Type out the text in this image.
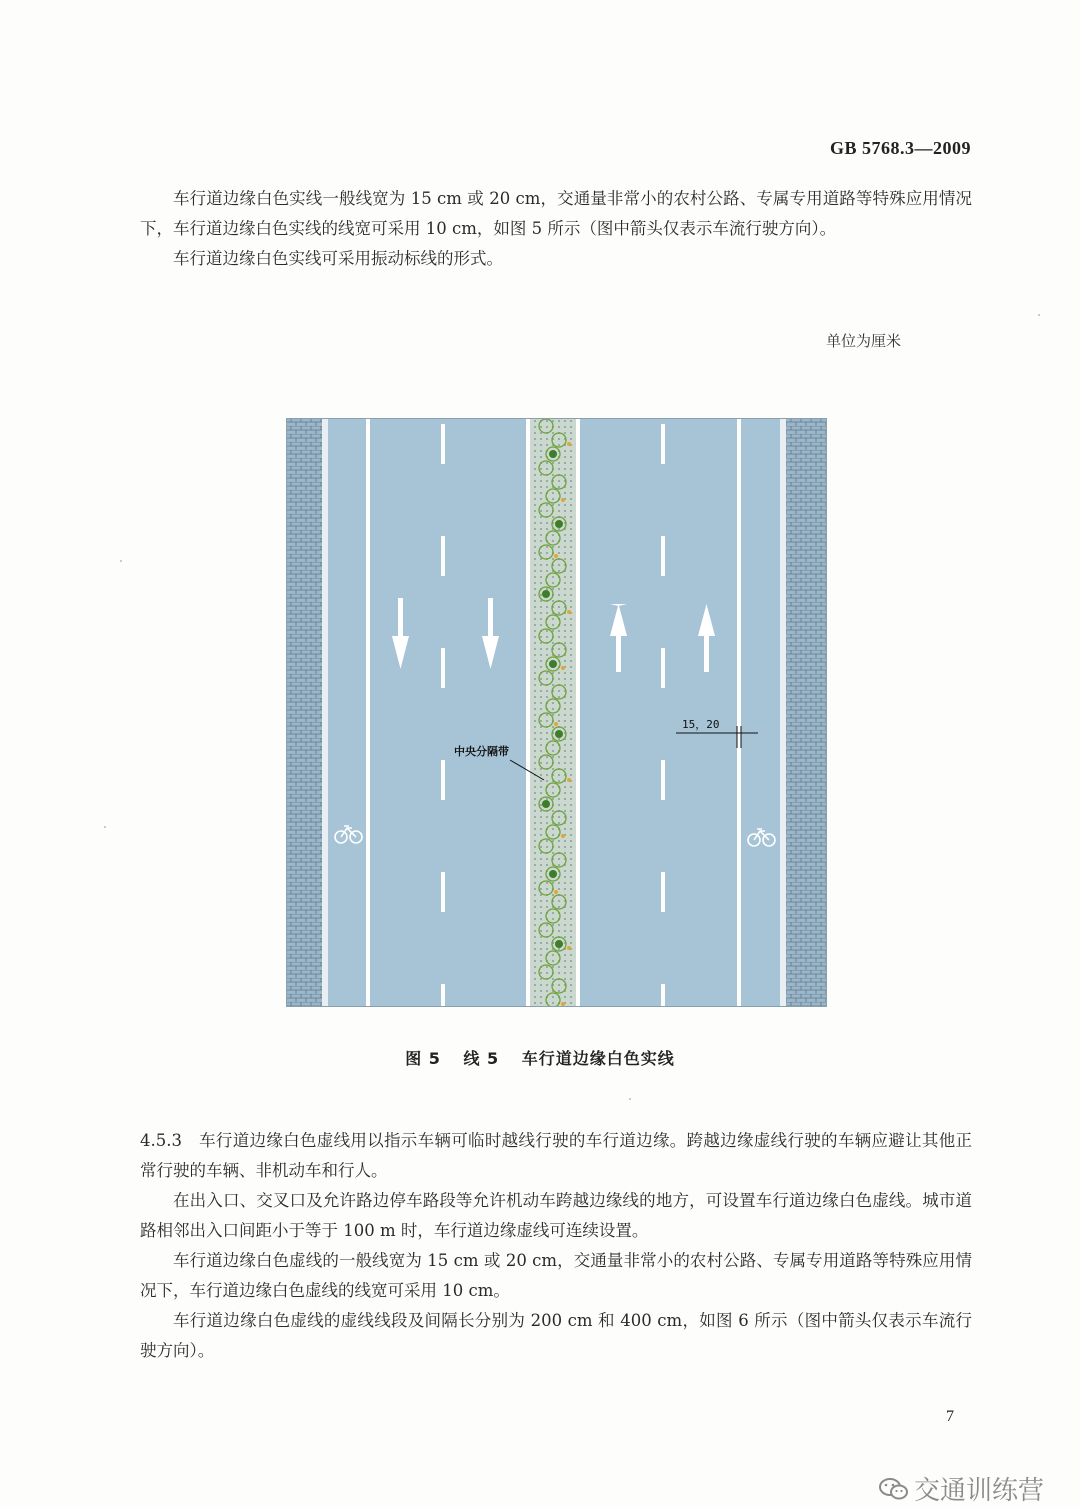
GB 5768.3—2009

车行道边缘白色实线一般线宽为 15 cm 或 20 cm，交通量非常小的农村公路、专属专用道路等特殊应用情况下，车行道边缘白色实线的线宽可采用 10 cm，如图 5 所示（图中箭头仅表示车流行驶方向）。

车行道边缘白色实线可采用振动标线的形式。

单位为厘米
15，20
中央分隔带
图 5 线 5 车行道边缘白色实线

4.5.3　车行道边缘白色虚线用以指示车辆可临时越线行驶的车行道边缘。跨越边缘虚线行驶的车辆应避让其他正常行驶的车辆、非机动车和行人。

在出入口、交叉口及允许路边停车路段等允许机动车跨越边缘线的地方，可设置车行道边缘白色虚线。城市道路相邻出入口间距小于等于 100 m 时，车行道边缘虚线可连续设置。

车行道边缘白色虚线的一般线宽为 15 cm 或 20 cm，交通量非常小的农村公路、专属专用道路等特殊应用情况下，车行道边缘白色虚线的线宽可采用 10 cm。

车行道边缘白色虚线的虚线线段及间隔长分别为 200 cm 和 400 cm，如图 6 所示（图中箭头仅表示车流行驶方向）。

7
交通训练营
